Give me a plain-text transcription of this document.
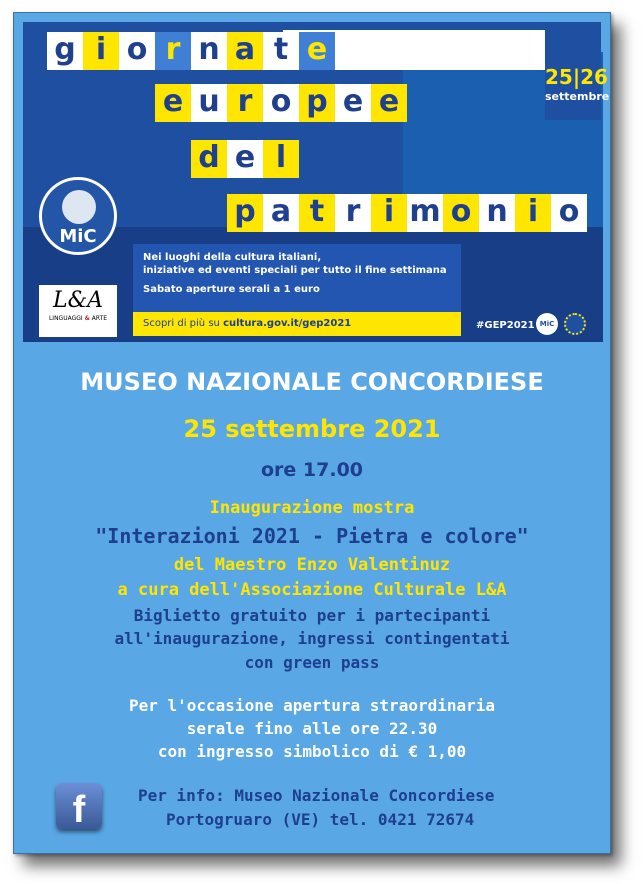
g i o r n a t e
e u r o p e e
d e l
p a t r i m o n i o
25|26
settembre
MiC
L&A
LINGUAGGI & ARTE
Nei luoghi della cultura italiani,
iniziative ed eventi speciali per tutto il fine settimana
Sabato aperture serali a 1 euro
Scopri di più su cultura.gov.it/gep2021	#GEP2021 MiC
MUSEO NAZIONALE CONCORDIESE
25 settembre 2021
ore 17.00
Inaugurazione mostra
"Interazioni 2021 - Pietra e colore"
del Maestro Enzo Valentinuz
a cura dell'Associazione Culturale L&A
Biglietto gratuito per i partecipanti
all'inaugurazione, ingressi contingentati
con green pass
Per l'occasione apertura straordinaria
serale fino alle ore 22.30
con ingresso simbolico di € 1,00
f	Per info: Museo Nazionale Concordiese
Portogruaro (VE) tel. 0421 72674
